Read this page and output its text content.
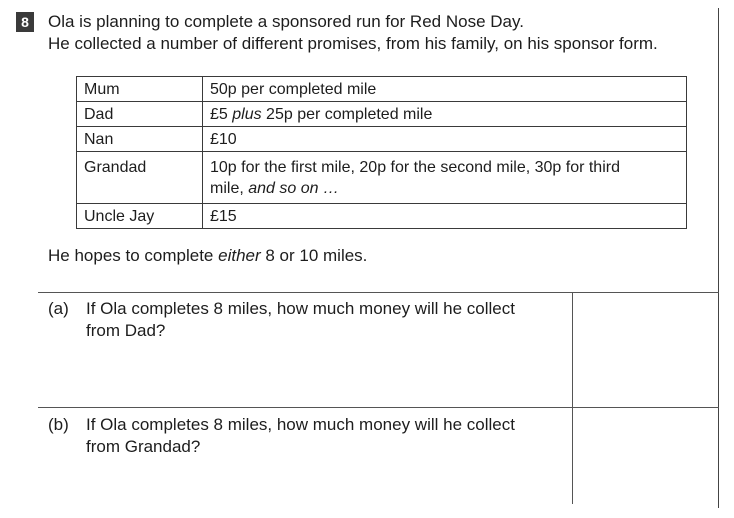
8	Ola is planning to complete a sponsored run for Red Nose Day.
He collected a number of different promises, from his family, on his sponsor form.
Mum	50p per completed mile
Dad	£5 plus 25p per completed mile
Nan	£10
Grandad	10p for the first mile, 20p for the second mile, 30p for third
mile, and so on …

Uncle Jay	£15
He hopes to complete either 8 or 10 miles.
(a) If Ola completes 8 miles, how much money will he collect
from Dad?
(b) If Ola completes 8 miles, how much money will he collect
from Grandad?
